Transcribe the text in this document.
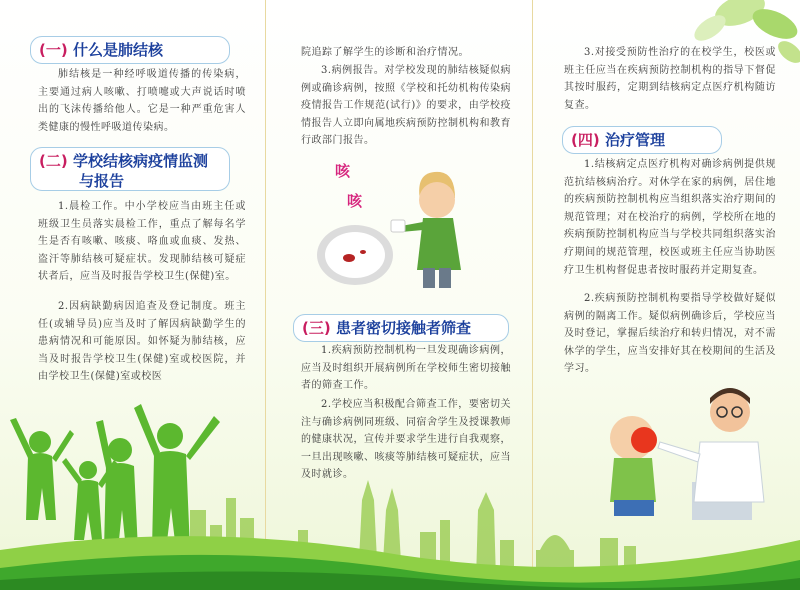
(一) 什么是肺结核

肺结核是一种经呼吸道传播的传染病，主要通过病人咳嗽、打喷嚏或大声说话时喷出的飞沫传播给他人。它是一种严重危害人类健康的慢性呼吸道传染病。

(二) 学校结核病疫情监测
与报告

1.晨检工作。中小学校应当由班主任或班级卫生员落实晨检工作，重点了解每名学生是否有咳嗽、咳痰、咯血或血痰、发热、盗汗等肺结核可疑症状。发现肺结核可疑症状者后，应当及时报告学校卫生(保健)室。

2.因病缺勤病因追查及登记制度。班主任(或辅导员)应当及时了解因病缺勤学生的患病情况和可能原因。如怀疑为肺结核，应当及时报告学校卫生(保健)室或校医院，并由学校卫生(保健)室或校医

院追踪了解学生的诊断和治疗情况。

3.病例报告。对学校发现的肺结核疑似病例或确诊病例，按照《学校和托幼机构传染病疫情报告工作规范(试行)》的要求，由学校疫情报告人立即向属地疾病预防控制机构和教育行政部门报告。

咳
咳
(三) 患者密切接触者筛查

1.疾病预防控制机构一旦发现确诊病例，应当及时组织开展病例所在学校师生密切接触者的筛查工作。

2.学校应当积极配合筛查工作，要密切关注与确诊病例同班级、同宿舍学生及授课教师的健康状况，宣传并要求学生进行自我观察，一旦出现咳嗽、咳痰等肺结核可疑症状，应当及时就诊。

3.对接受预防性治疗的在校学生，校医或班主任应当在疾病预防控制机构的指导下督促其按时服药，定期到结核病定点医疗机构随访复查。

(四) 治疗管理

1.结核病定点医疗机构对确诊病例提供规范抗结核病治疗。对休学在家的病例，居住地的疾病预防控制机构应当组织落实治疗期间的规范管理；对在校治疗的病例，学校所在地的疾病预防控制机构应当与学校共同组织落实治疗期间的规范管理，校医或班主任应当协助医疗卫生机构督促患者按时服药并定期复查。

2.疾病预防控制机构要指导学校做好疑似病例的隔离工作。疑似病例确诊后，学校应当及时登记，掌握后续治疗和转归情况，对不需休学的学生，应当安排好其在校期间的生活及学习。
